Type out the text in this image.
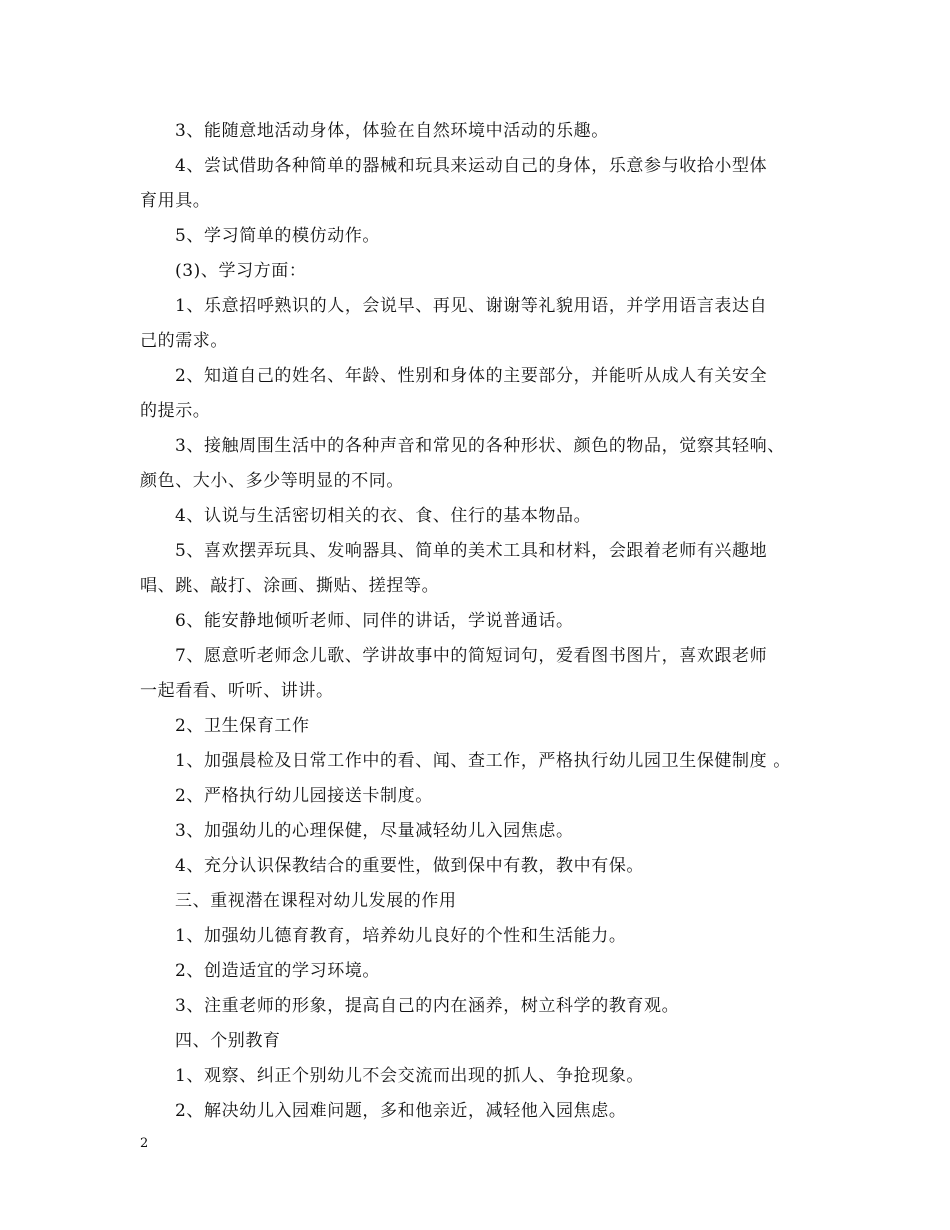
3、能随意地活动身体，体验在自然环境中活动的乐趣。
4、尝试借助各种简单的器械和玩具来运动自己的身体，乐意参与收拾小型体
育用具。
5、学习简单的模仿动作。
(3)、学习方面：
1、乐意招呼熟识的人，会说早、再见、谢谢等礼貌用语，并学用语言表达自
己的需求。
2、知道自己的姓名、年龄、性别和身体的主要部分，并能听从成人有关安全
的提示。
3、接触周围生活中的各种声音和常见的各种形状、颜色的物品，觉察其轻响、
颜色、大小、多少等明显的不同。
4、认说与生活密切相关的衣、食、住行的基本物品。
5、喜欢摆弄玩具、发响器具、简单的美术工具和材料，会跟着老师有兴趣地
唱、跳、敲打、涂画、撕贴、搓捏等。
6、能安静地倾听老师、同伴的讲话，学说普通话。
7、愿意听老师念儿歌、学讲故事中的简短词句，爱看图书图片，喜欢跟老师
一起看看、听听、讲讲。
2、卫生保育工作
1、加强晨检及日常工作中的看、闻、查工作，严格执行幼儿园卫生保健制度 。
2、严格执行幼儿园接送卡制度。
3、加强幼儿的心理保健，尽量减轻幼儿入园焦虑。
4、充分认识保教结合的重要性，做到保中有教，教中有保。
三、重视潜在课程对幼儿发展的作用
1、加强幼儿德育教育，培养幼儿良好的个性和生活能力。
2、创造适宜的学习环境。
3、注重老师的形象，提高自己的内在涵养，树立科学的教育观。
四、个别教育
1、观察、纠正个别幼儿不会交流而出现的抓人、争抢现象。
2、解决幼儿入园难问题，多和他亲近，减轻他入园焦虑。
2
